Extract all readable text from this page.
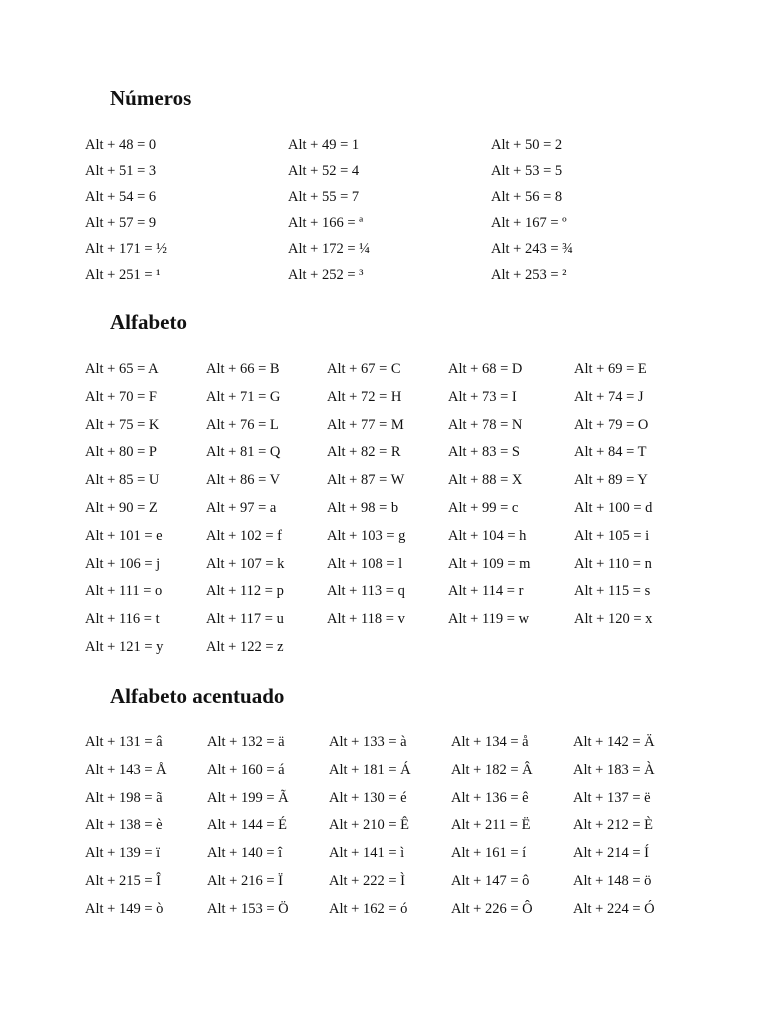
Números
Alt + 48 = 0	Alt + 49 = 1	Alt + 50 = 2
Alt + 51 = 3	Alt + 52 = 4	Alt + 53 = 5
Alt + 54 = 6	Alt + 55 = 7	Alt + 56 = 8
Alt + 57 = 9	Alt + 166 = ª	Alt + 167 = º
Alt + 171 = ½	Alt + 172 = ¼	Alt + 243 = ¾
Alt + 251 = ¹	Alt + 252 = ³	Alt + 253 = ²
Alfabeto
Alt + 65 = A	Alt + 66 = B	Alt + 67 = C	Alt + 68 = D	Alt + 69 = E
Alt + 70 = F	Alt + 71 = G	Alt + 72 = H	Alt + 73 = I	Alt + 74 = J
Alt + 75 = K	Alt + 76 = L	Alt + 77 = M	Alt + 78 = N	Alt + 79 = O
Alt + 80 = P	Alt + 81 = Q	Alt + 82 = R	Alt + 83 = S	Alt + 84 = T
Alt + 85 = U	Alt + 86 = V	Alt + 87 = W	Alt + 88 = X	Alt + 89 = Y
Alt + 90 = Z	Alt + 97 = a	Alt + 98 = b	Alt + 99 = c	Alt + 100 = d
Alt + 101 = e	Alt + 102 = f	Alt + 103 = g	Alt + 104 = h	Alt + 105 = i
Alt + 106 = j	Alt + 107 = k	Alt + 108 = l	Alt + 109 = m	Alt + 110 = n
Alt + 111 = o	Alt + 112 = p	Alt + 113 = q	Alt + 114 = r	Alt + 115 = s
Alt + 116 = t	Alt + 117 = u	Alt + 118 = v	Alt + 119 = w	Alt + 120 = x
Alt + 121 = y	Alt + 122 = z
Alfabeto acentuado
Alt + 131 = â	Alt + 132 = ä	Alt + 133 = à	Alt + 134 = å	Alt + 142 = Ä
Alt + 143 = Å	Alt + 160 = á	Alt + 181 = Á	Alt + 182 = Â	Alt + 183 = À
Alt + 198 = ã	Alt + 199 = Ã	Alt + 130 = é	Alt + 136 = ê	Alt + 137 = ë
Alt + 138 = è	Alt + 144 = É	Alt + 210 = Ê	Alt + 211 = Ë	Alt + 212 = È
Alt + 139 = ï	Alt + 140 = î	Alt + 141 = ì	Alt + 161 = í	Alt + 214 = Í
Alt + 215 = Î	Alt + 216 = Ï	Alt + 222 = Ì	Alt + 147 = ô	Alt + 148 = ö
Alt + 149 = ò	Alt + 153 = Ö	Alt + 162 = ó	Alt + 226 = Ô	Alt + 224 = Ó
